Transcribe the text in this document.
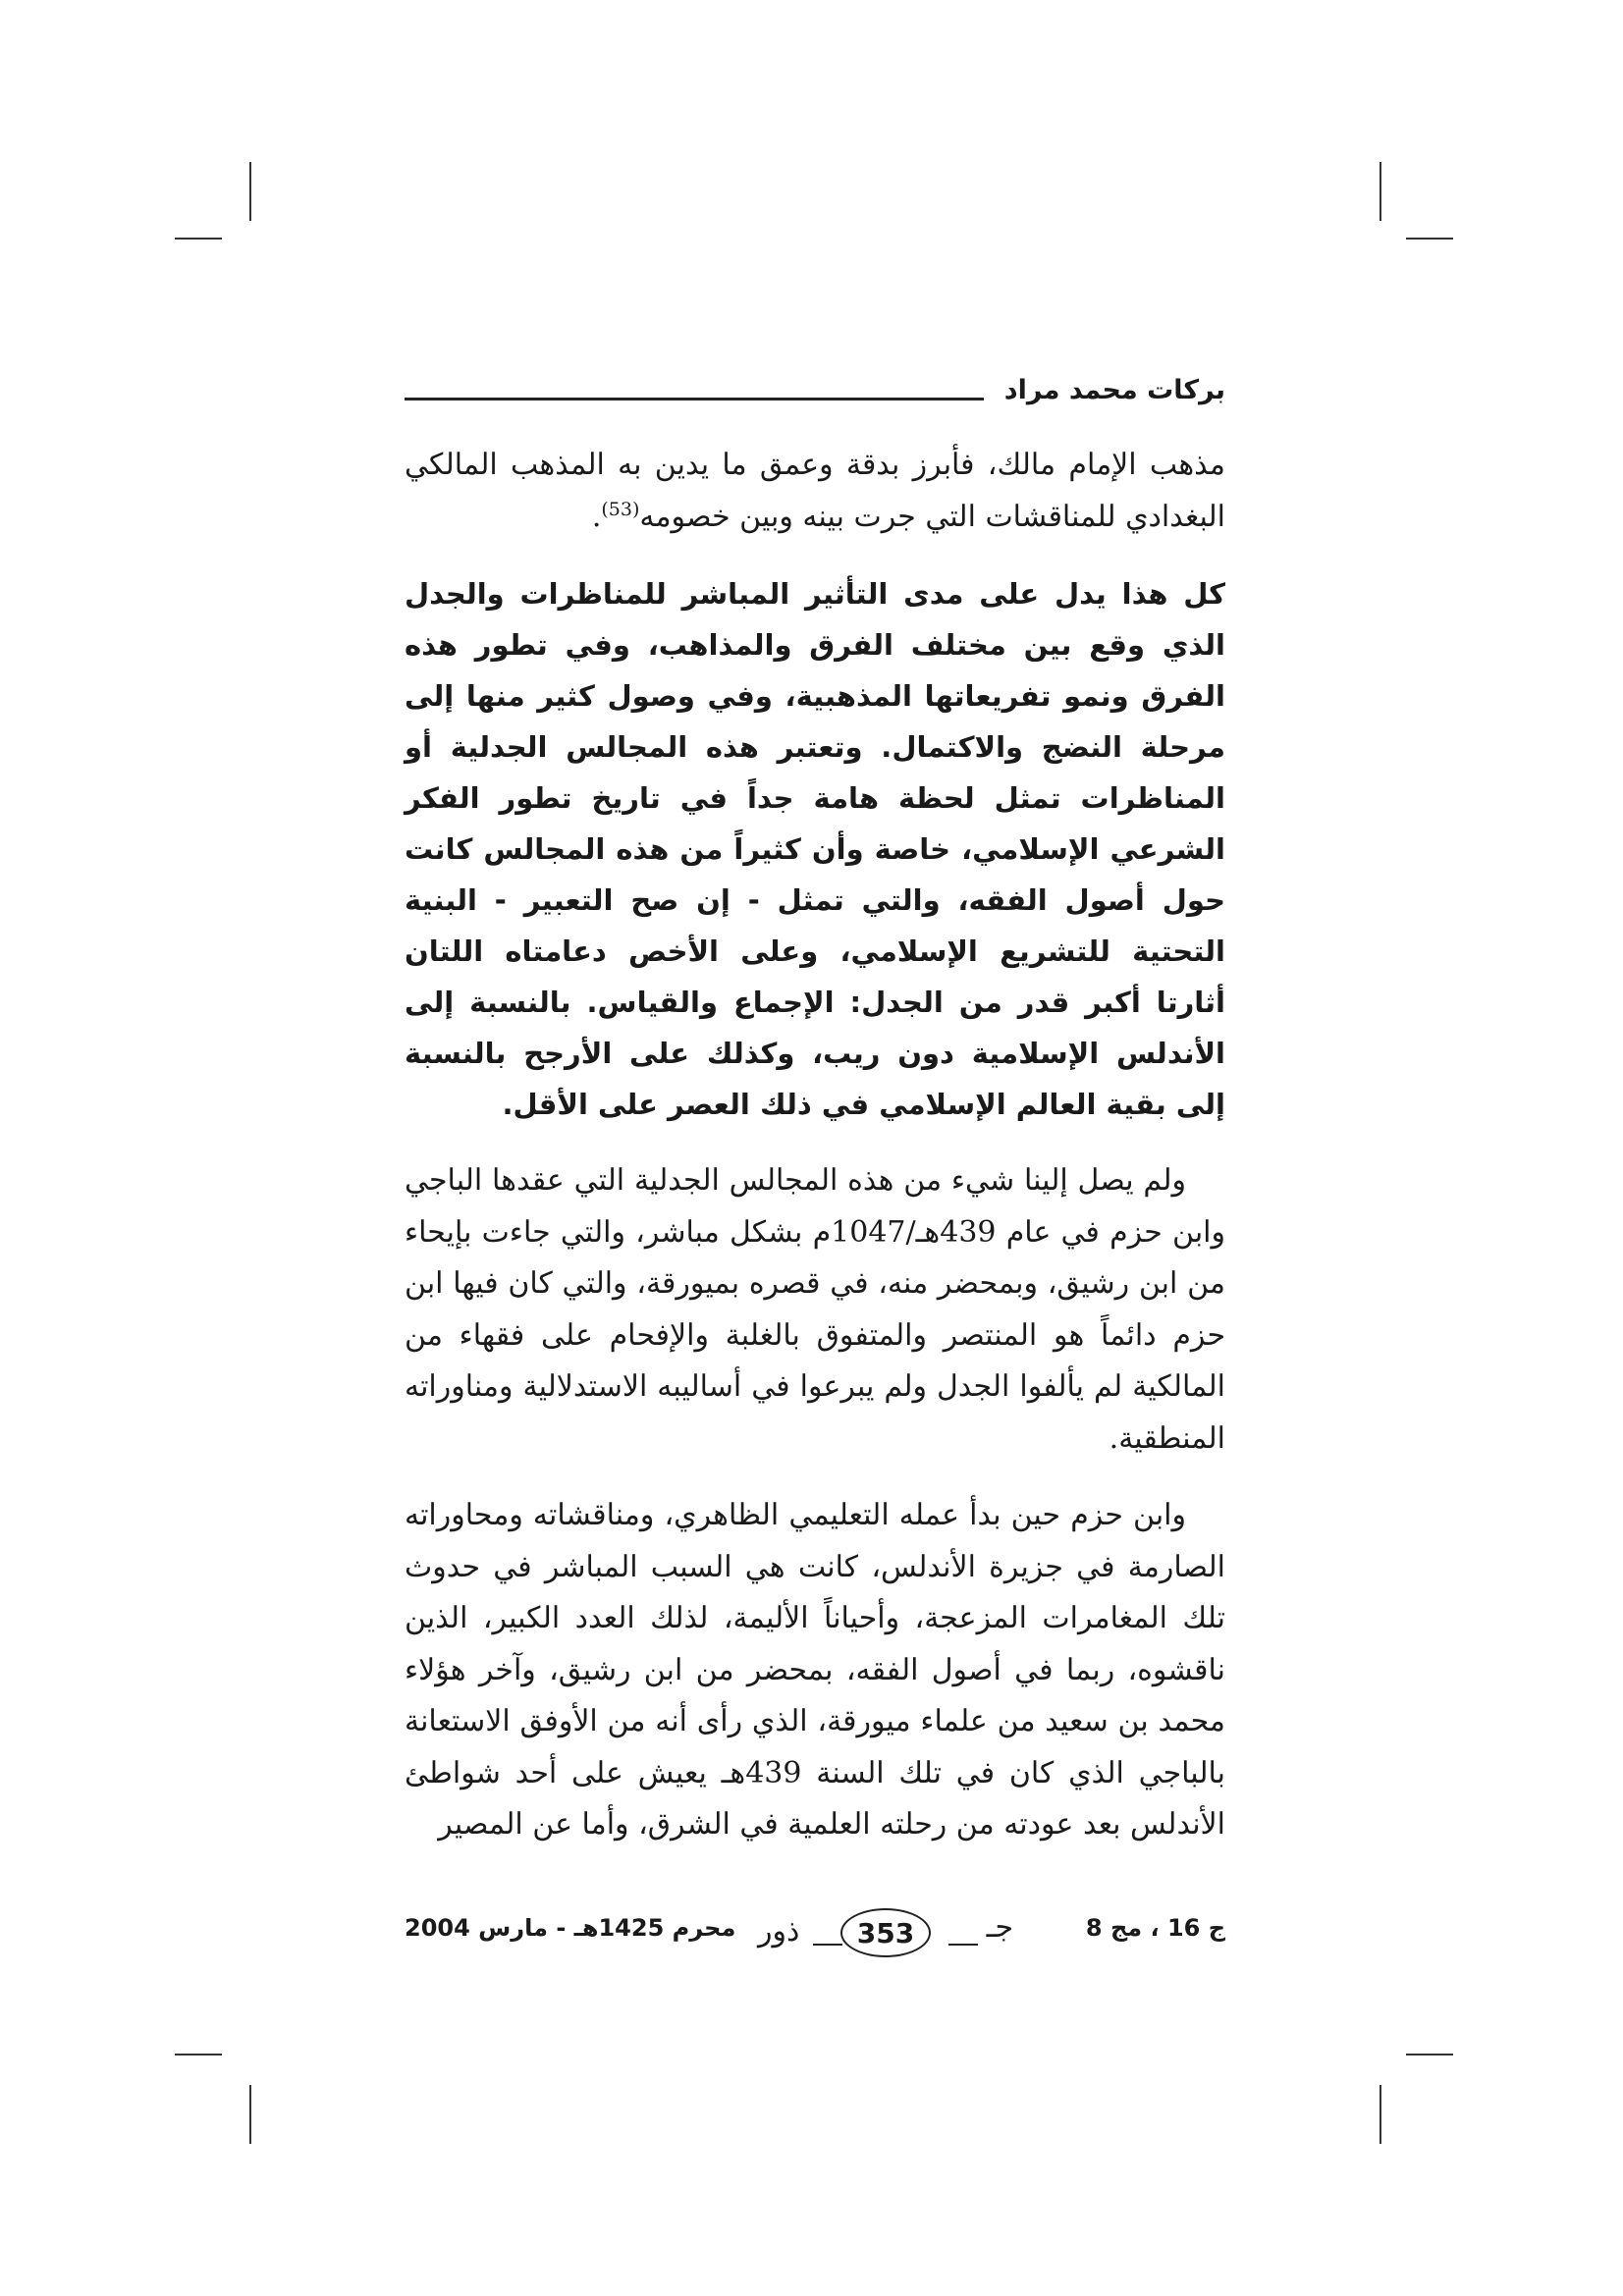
بركات محمد مراد

مذهب الإمام مالك، فأبرز بدقة وعمق ما يدين به المذهب المالكي البغدادي للمناقشات التي جرت بينه وبين خصومه$^{(53)}$.

كل هذا يدل على مدى التأثير المباشر للمناظرات والجدل الذي وقع بين مختلف الفرق والمذاهب، وفي تطور هذه الفرق ونمو تفريعاتها المذهبية، وفي وصول كثير منها إلى مرحلة النضج والاكتمال. وتعتبر هذه المجالس الجدلية أو المناظرات تمثل لحظة هامة جداً في تاريخ تطور الفكر الشرعي الإسلامي، خاصة وأن كثيراً من هذه المجالس كانت حول أصول الفقه، والتي تمثل - إن صح التعبير - البنية التحتية للتشريع الإسلامي، وعلى الأخص دعامتاه اللتان أثارتا أكبر قدر من الجدل: الإجماع والقياس. بالنسبة إلى الأندلس الإسلامية دون ريب، وكذلك على الأرجح بالنسبة إلى بقية العالم الإسلامي في ذلك العصر على الأقل.

ولم يصل إلينا شيء من هذه المجالس الجدلية التي عقدها الباجي وابن حزم في عام 439هـ/1047م بشكل مباشر، والتي جاءت بإيحاء من ابن رشيق، وبمحضر منه، في قصره بميورقة، والتي كان فيها ابن حزم دائماً هو المنتصر والمتفوق بالغلبة والإفحام على فقهاء من المالكية لم يألفوا الجدل ولم يبرعوا في أساليبه الاستدلالية ومناوراته المنطقية.

وابن حزم حين بدأ عمله التعليمي الظاهري، ومناقشاته ومحاوراته الصارمة في جزيرة الأندلس، كانت هي السبب المباشر في حدوث تلك المغامرات المزعجة، وأحياناً الأليمة، لذلك العدد الكبير، الذين ناقشوه، ربما في أصول الفقه، بمحضر من ابن رشيق، وآخر هؤلاء محمد بن سعيد من علماء ميورقة، الذي رأى أنه من الأوفق الاستعانة بالباجي الذي كان في تلك السنة 439هـ يعيش على أحد شواطئ الأندلس بعد عودته من رحلته العلمية في الشرق، وأما عن المصير

محرم 1425هـ - مارس 2004	جـ
353
ذور	ج 16 ، مج 8
